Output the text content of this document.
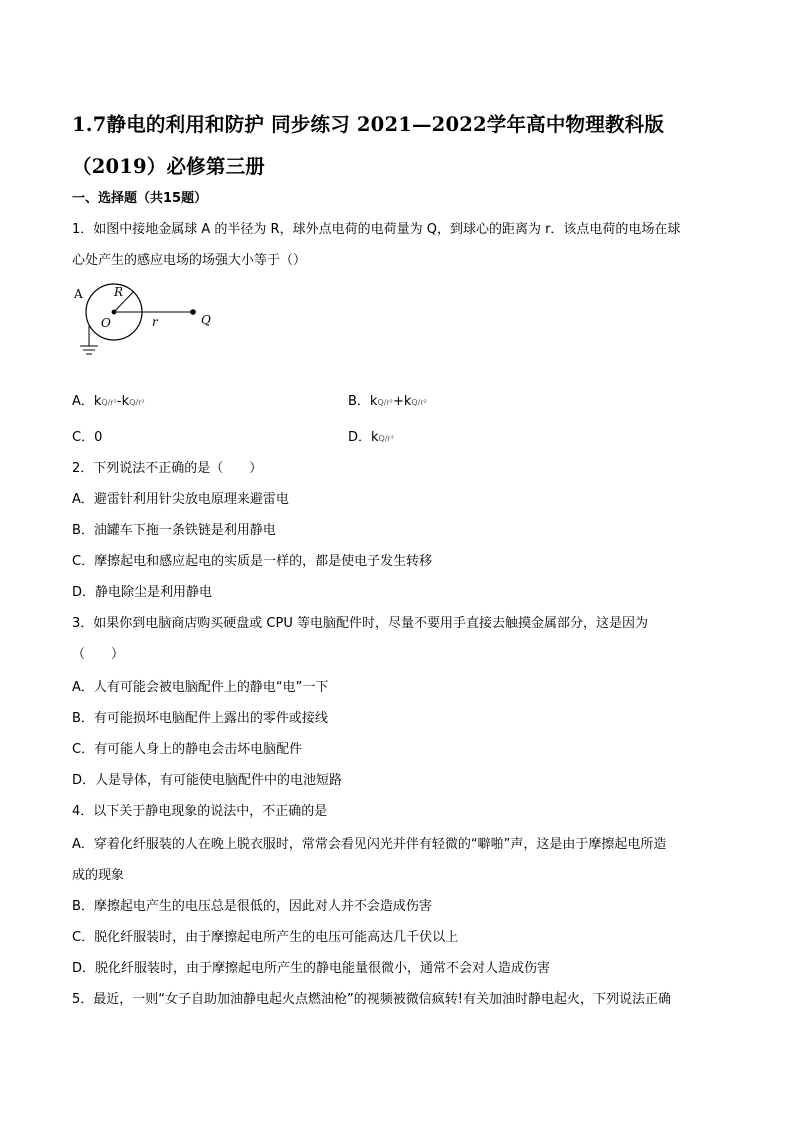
1.7静电的利用和防护 同步练习 2021—2022学年高中物理教科版（2019）必修第三册
一、选择题（共15题）
1．如图中接地金属球 A 的半径为 R，球外点电荷的电荷量为 Q，到球心的距离为 r．该点电荷的电场在球
心处产生的感应电场的场强大小等于（）
A	R
O	r	Q
A．kQ/r²-kQ/r²	B．kQ/r²+kQ/r²
C．0	D．kQ/r²
2．下列说法不正确的是（　　）
A．避雷针利用针尖放电原理来避雷电
B．油罐车下拖一条铁链是利用静电
C．摩擦起电和感应起电的实质是一样的，都是使电子发生转移
D．静电除尘是利用静电
3．如果你到电脑商店购买硬盘或 CPU 等电脑配件时，尽量不要用手直接去触摸金属部分，这是因为
（　　）
A．人有可能会被电脑配件上的静电“电”一下
B．有可能损坏电脑配件上露出的零件或接线
C．有可能人身上的静电会击坏电脑配件
D．人是导体，有可能使电脑配件中的电池短路
4．以下关于静电现象的说法中，不正确的是
A．穿着化纤服装的人在晚上脱衣服时，常常会看见闪光并伴有轻微的“噼啪”声，这是由于摩擦起电所造
成的现象
B．摩擦起电产生的电压总是很低的，因此对人并不会造成伤害
C．脱化纤服装时，由于摩擦起电所产生的电压可能高达几千伏以上
D．脱化纤服装时，由于摩擦起电所产生的静电能量很微小，通常不会对人造成伤害
5．最近，一则“女子自助加油静电起火点燃油枪”的视频被微信疯转!有关加油时静电起火，下列说法正确
